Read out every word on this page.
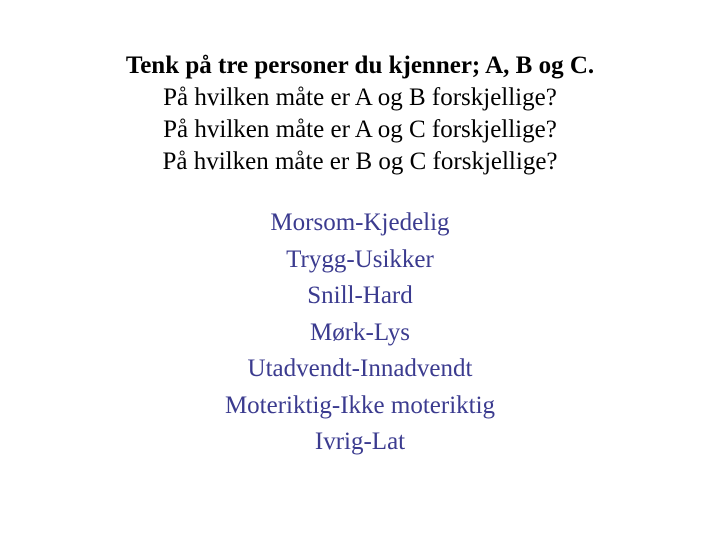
Tenk på tre personer du kjenner; A, B og C.
På hvilken måte er A og B forskjellige?
På hvilken måte er A og C forskjellige?
På hvilken måte er B og C forskjellige?
Morsom-Kjedelig
Trygg-Usikker
Snill-Hard
Mørk-Lys
Utadvendt-Innadvendt
Moteriktig-Ikke moteriktig
Ivrig-Lat
